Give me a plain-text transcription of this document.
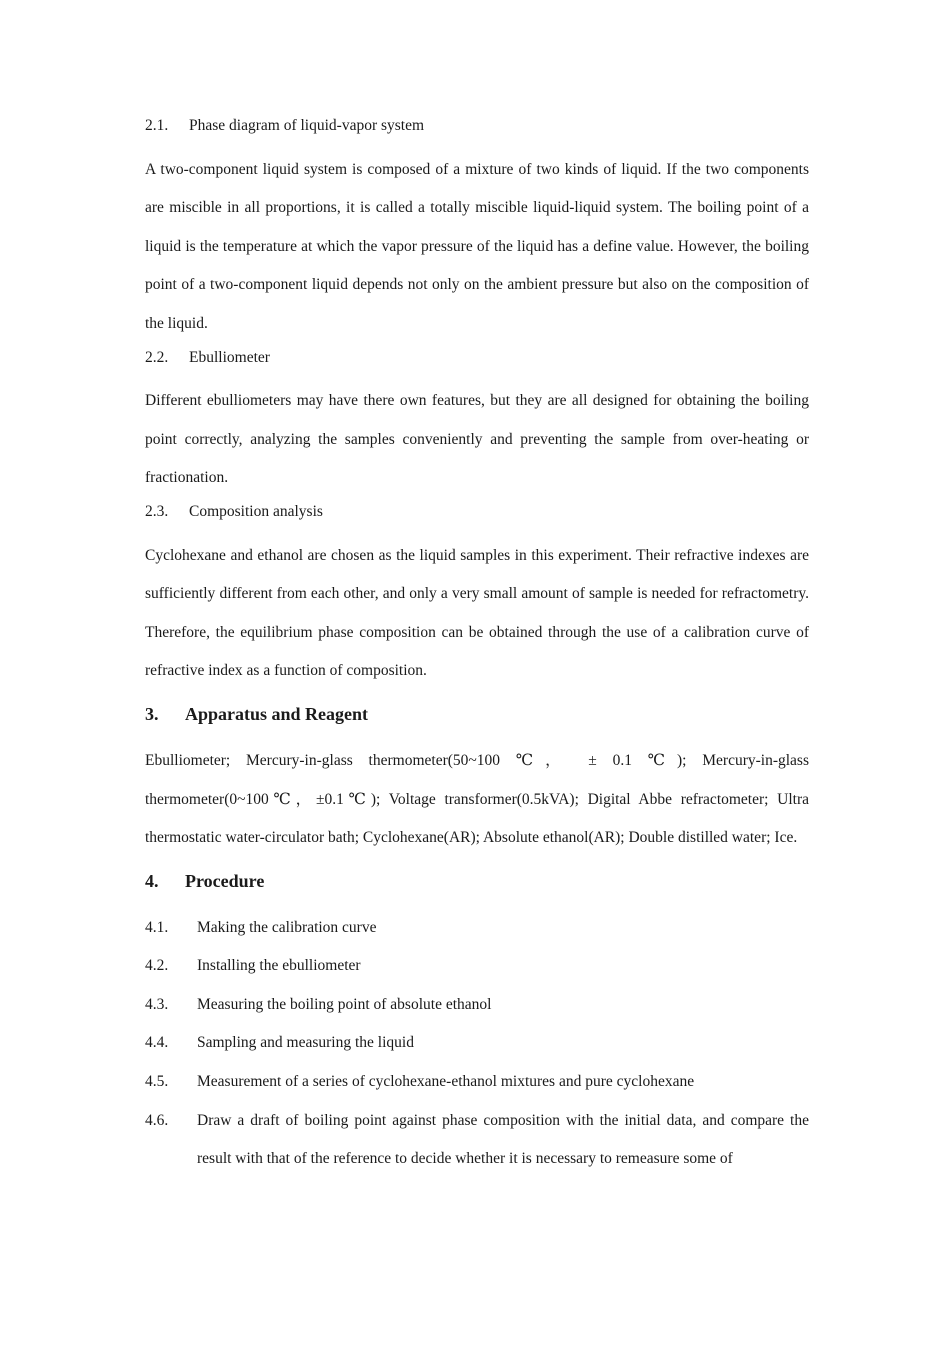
2.1. Phase diagram of liquid-vapor system

A two-component liquid system is composed of a mixture of two kinds of liquid. If the two components are miscible in all proportions, it is called a totally miscible liquid-liquid system. The boiling point of a liquid is the temperature at which the vapor pressure of the liquid has a define value. However, the boiling point of a two-component liquid depends not only on the ambient pressure but also on the composition of the liquid.

2.2. Ebulliometer

Different ebulliometers may have there own features, but they are all designed for obtaining the boiling point correctly, analyzing the samples conveniently and preventing the sample from over-heating or fractionation.

2.3. Composition analysis

Cyclohexane and ethanol are chosen as the liquid samples in this experiment. Their refractive indexes are sufficiently different from each other, and only a very small amount of sample is needed for refractometry. Therefore, the equilibrium phase composition can be obtained through the use of a calibration curve of refractive index as a function of composition.

3. Apparatus and Reagent

Ebulliometer; Mercury-in-glass thermometer(50~100 ℃， ± 0.1 ℃); Mercury-in-glass thermometer(0~100℃，±0.1℃); Voltage transformer(0.5kVA); Digital Abbe refractometer; Ultra thermostatic water-circulator bath; Cyclohexane(AR); Absolute ethanol(AR); Double distilled water; Ice.

4. Procedure
4.1.	Making the calibration curve
4.2.	Installing the ebulliometer
4.3.	Measuring the boiling point of absolute ethanol
4.4.	Sampling and measuring the liquid
4.5.	Measurement of a series of cyclohexane-ethanol mixtures and pure cyclohexane
4.6.	Draw a draft of boiling point against phase composition with the initial data, and compare the result with that of the reference to decide whether it is necessary to remeasure some of
